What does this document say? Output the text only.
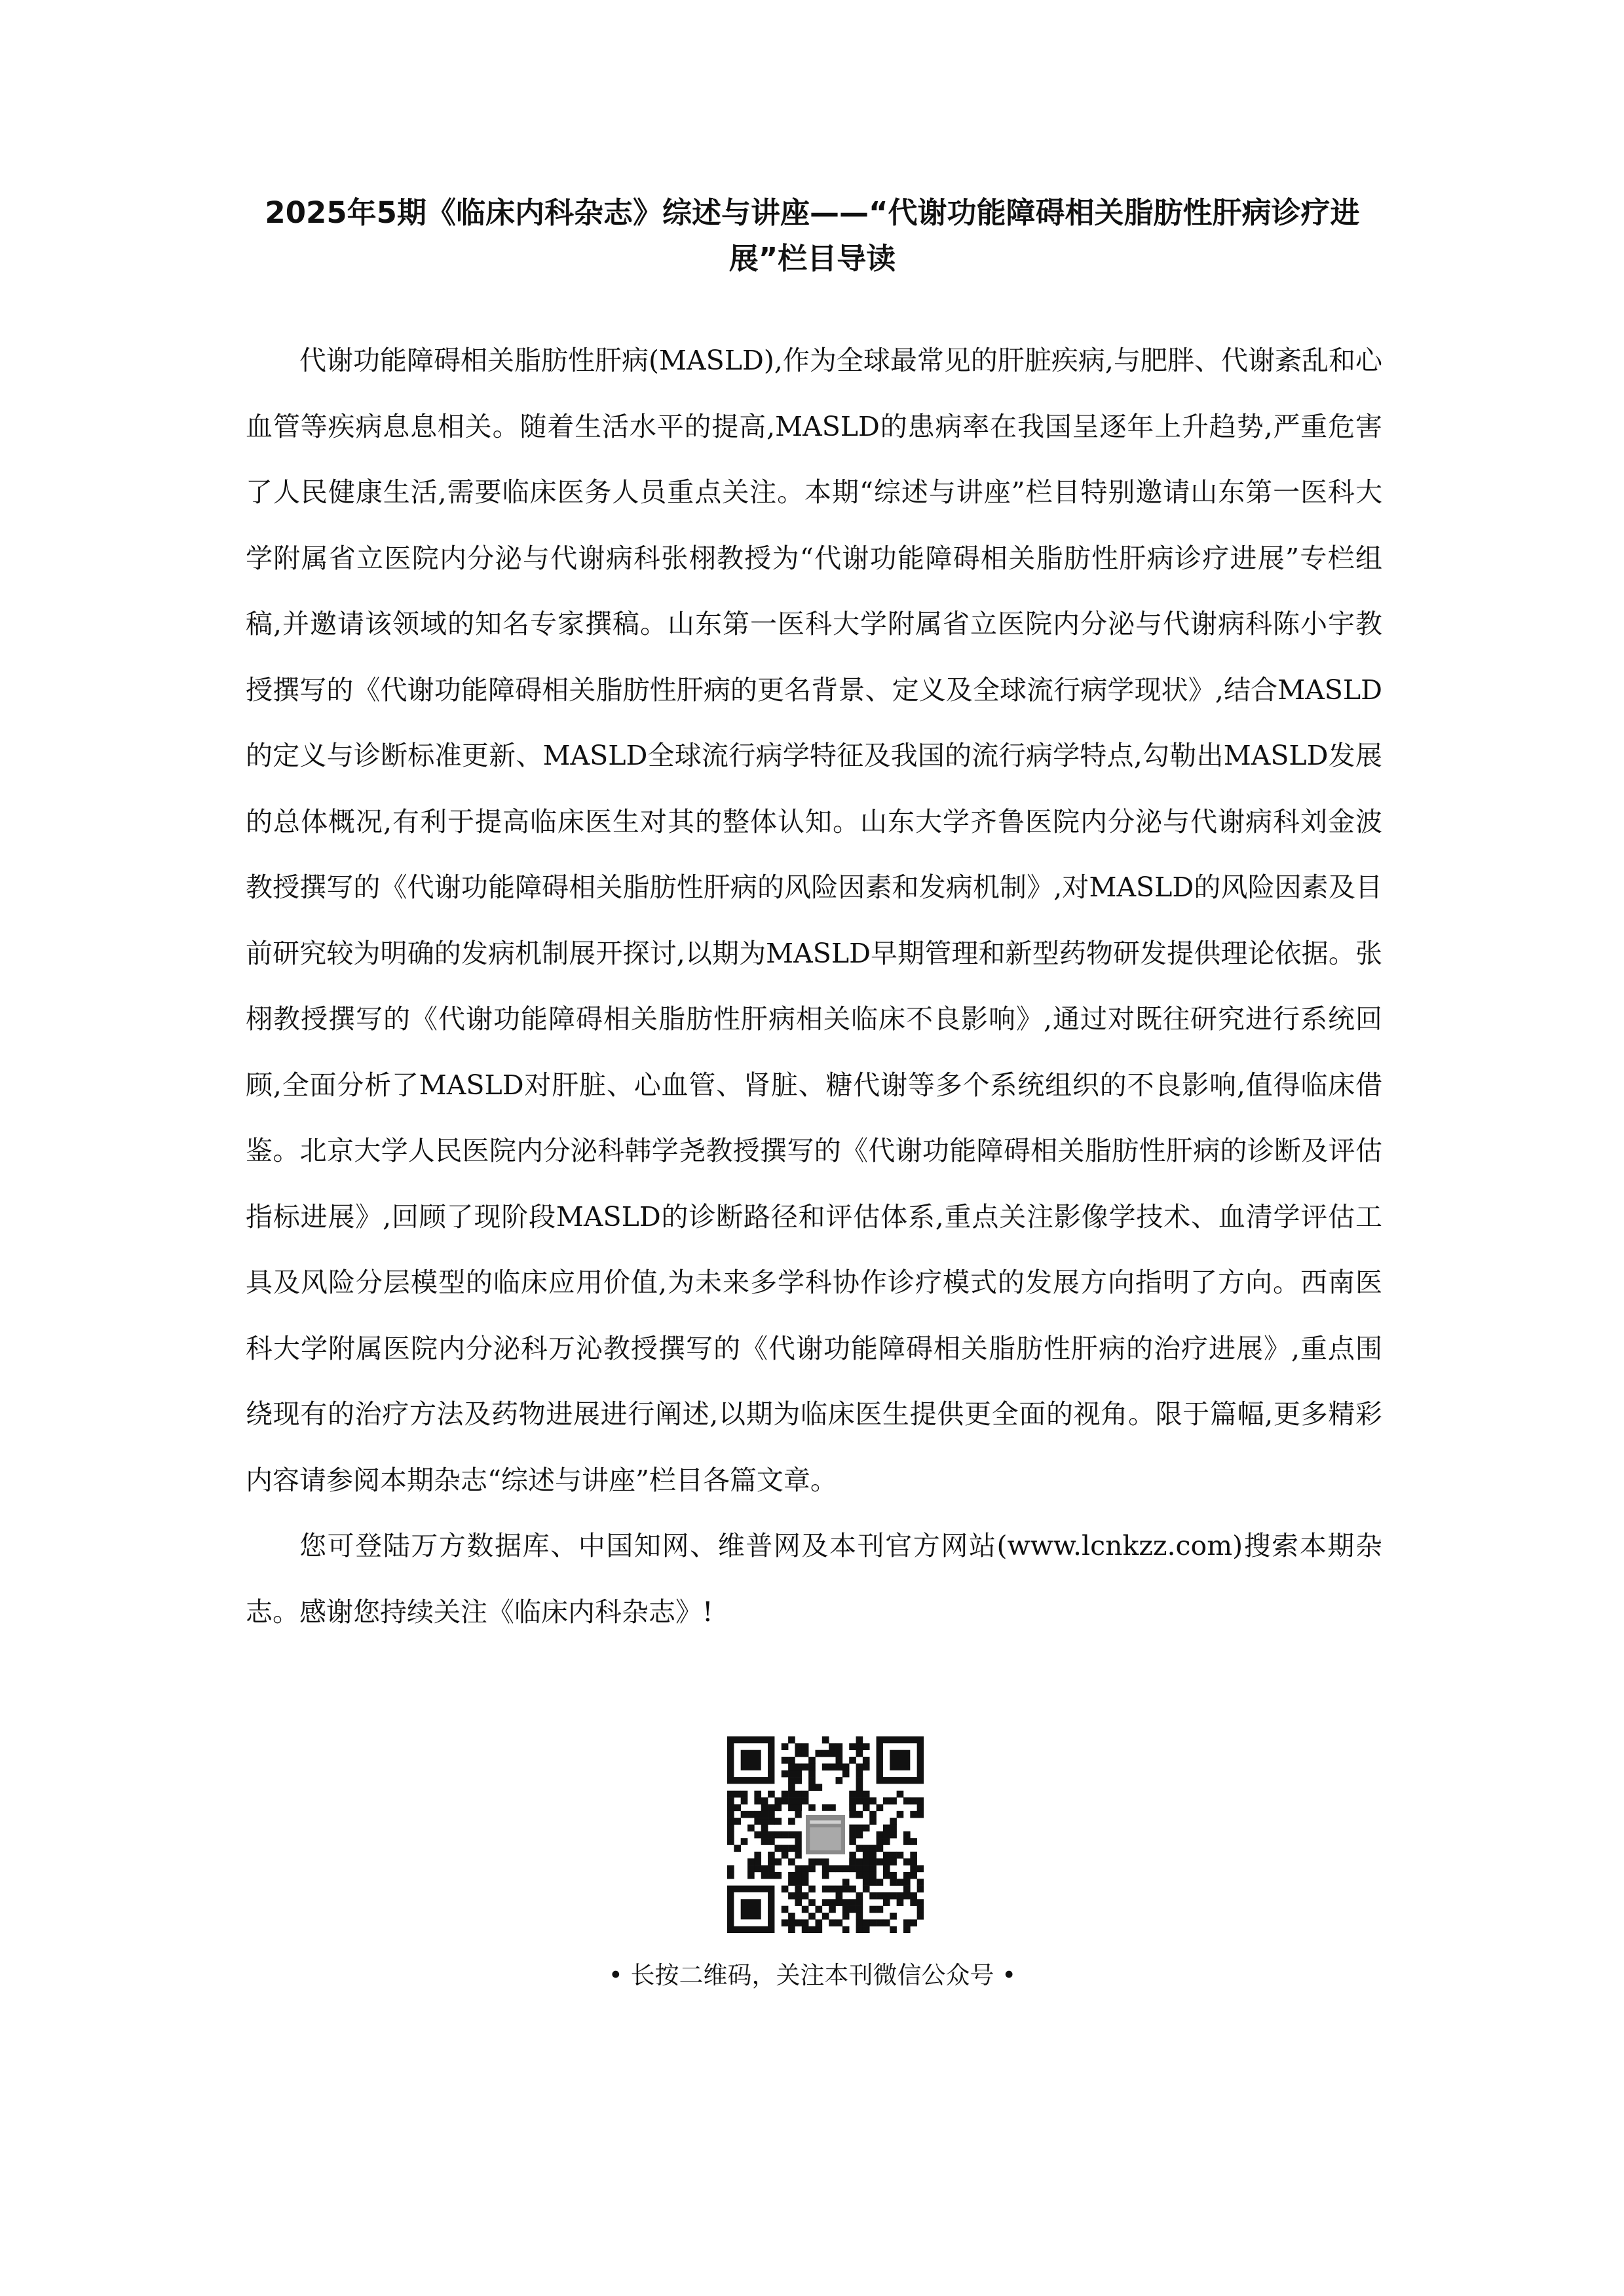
2025年5期《临床内科杂志》综述与讲座——“代谢功能障碍相关脂肪性肝病诊疗进
展”栏目导读

代谢功能障碍相关脂肪性肝病(MASLD),作为全球最常见的肝脏疾病,与肥胖、代谢紊乱和心血管等疾病息息相关。随着生活水平的提高,MASLD的患病率在我国呈逐年上升趋势,严重危害了人民健康生活,需要临床医务人员重点关注。本期“综述与讲座”栏目特别邀请山东第一医科大学附属省立医院内分泌与代谢病科张栩教授为“代谢功能障碍相关脂肪性肝病诊疗进展”专栏组稿,并邀请该领域的知名专家撰稿。山东第一医科大学附属省立医院内分泌与代谢病科陈小宇教授撰写的《代谢功能障碍相关脂肪性肝病的更名背景、定义及全球流行病学现状》,结合MASLD的定义与诊断标准更新、MASLD全球流行病学特征及我国的流行病学特点,勾勒出MASLD发展的总体概况,有利于提高临床医生对其的整体认知。山东大学齐鲁医院内分泌与代谢病科刘金波教授撰写的《代谢功能障碍相关脂肪性肝病的风险因素和发病机制》,对MASLD的风险因素及目前研究较为明确的发病机制展开探讨,以期为MASLD早期管理和新型药物研发提供理论依据。张栩教授撰写的《代谢功能障碍相关脂肪性肝病相关临床不良影响》,通过对既往研究进行系统回顾,全面分析了MASLD对肝脏、心血管、肾脏、糖代谢等多个系统组织的不良影响,值得临床借鉴。北京大学人民医院内分泌科韩学尧教授撰写的《代谢功能障碍相关脂肪性肝病的诊断及评估指标进展》,回顾了现阶段MASLD的诊断路径和评估体系,重点关注影像学技术、血清学评估工具及风险分层模型的临床应用价值,为未来多学科协作诊疗模式的发展方向指明了方向。西南医科大学附属医院内分泌科万沁教授撰写的《代谢功能障碍相关脂肪性肝病的治疗进展》,重点围绕现有的治疗方法及药物进展进行阐述,以期为临床医生提供更全面的视角。限于篇幅,更多精彩内容请参阅本期杂志“综述与讲座”栏目各篇文章。

您可登陆万方数据库、中国知网、维普网及本刊官方网站(www.lcnkzz.com)搜索本期杂志。感谢您持续关注《临床内科杂志》!

• 长按二维码，关注本刊微信公众号 •
